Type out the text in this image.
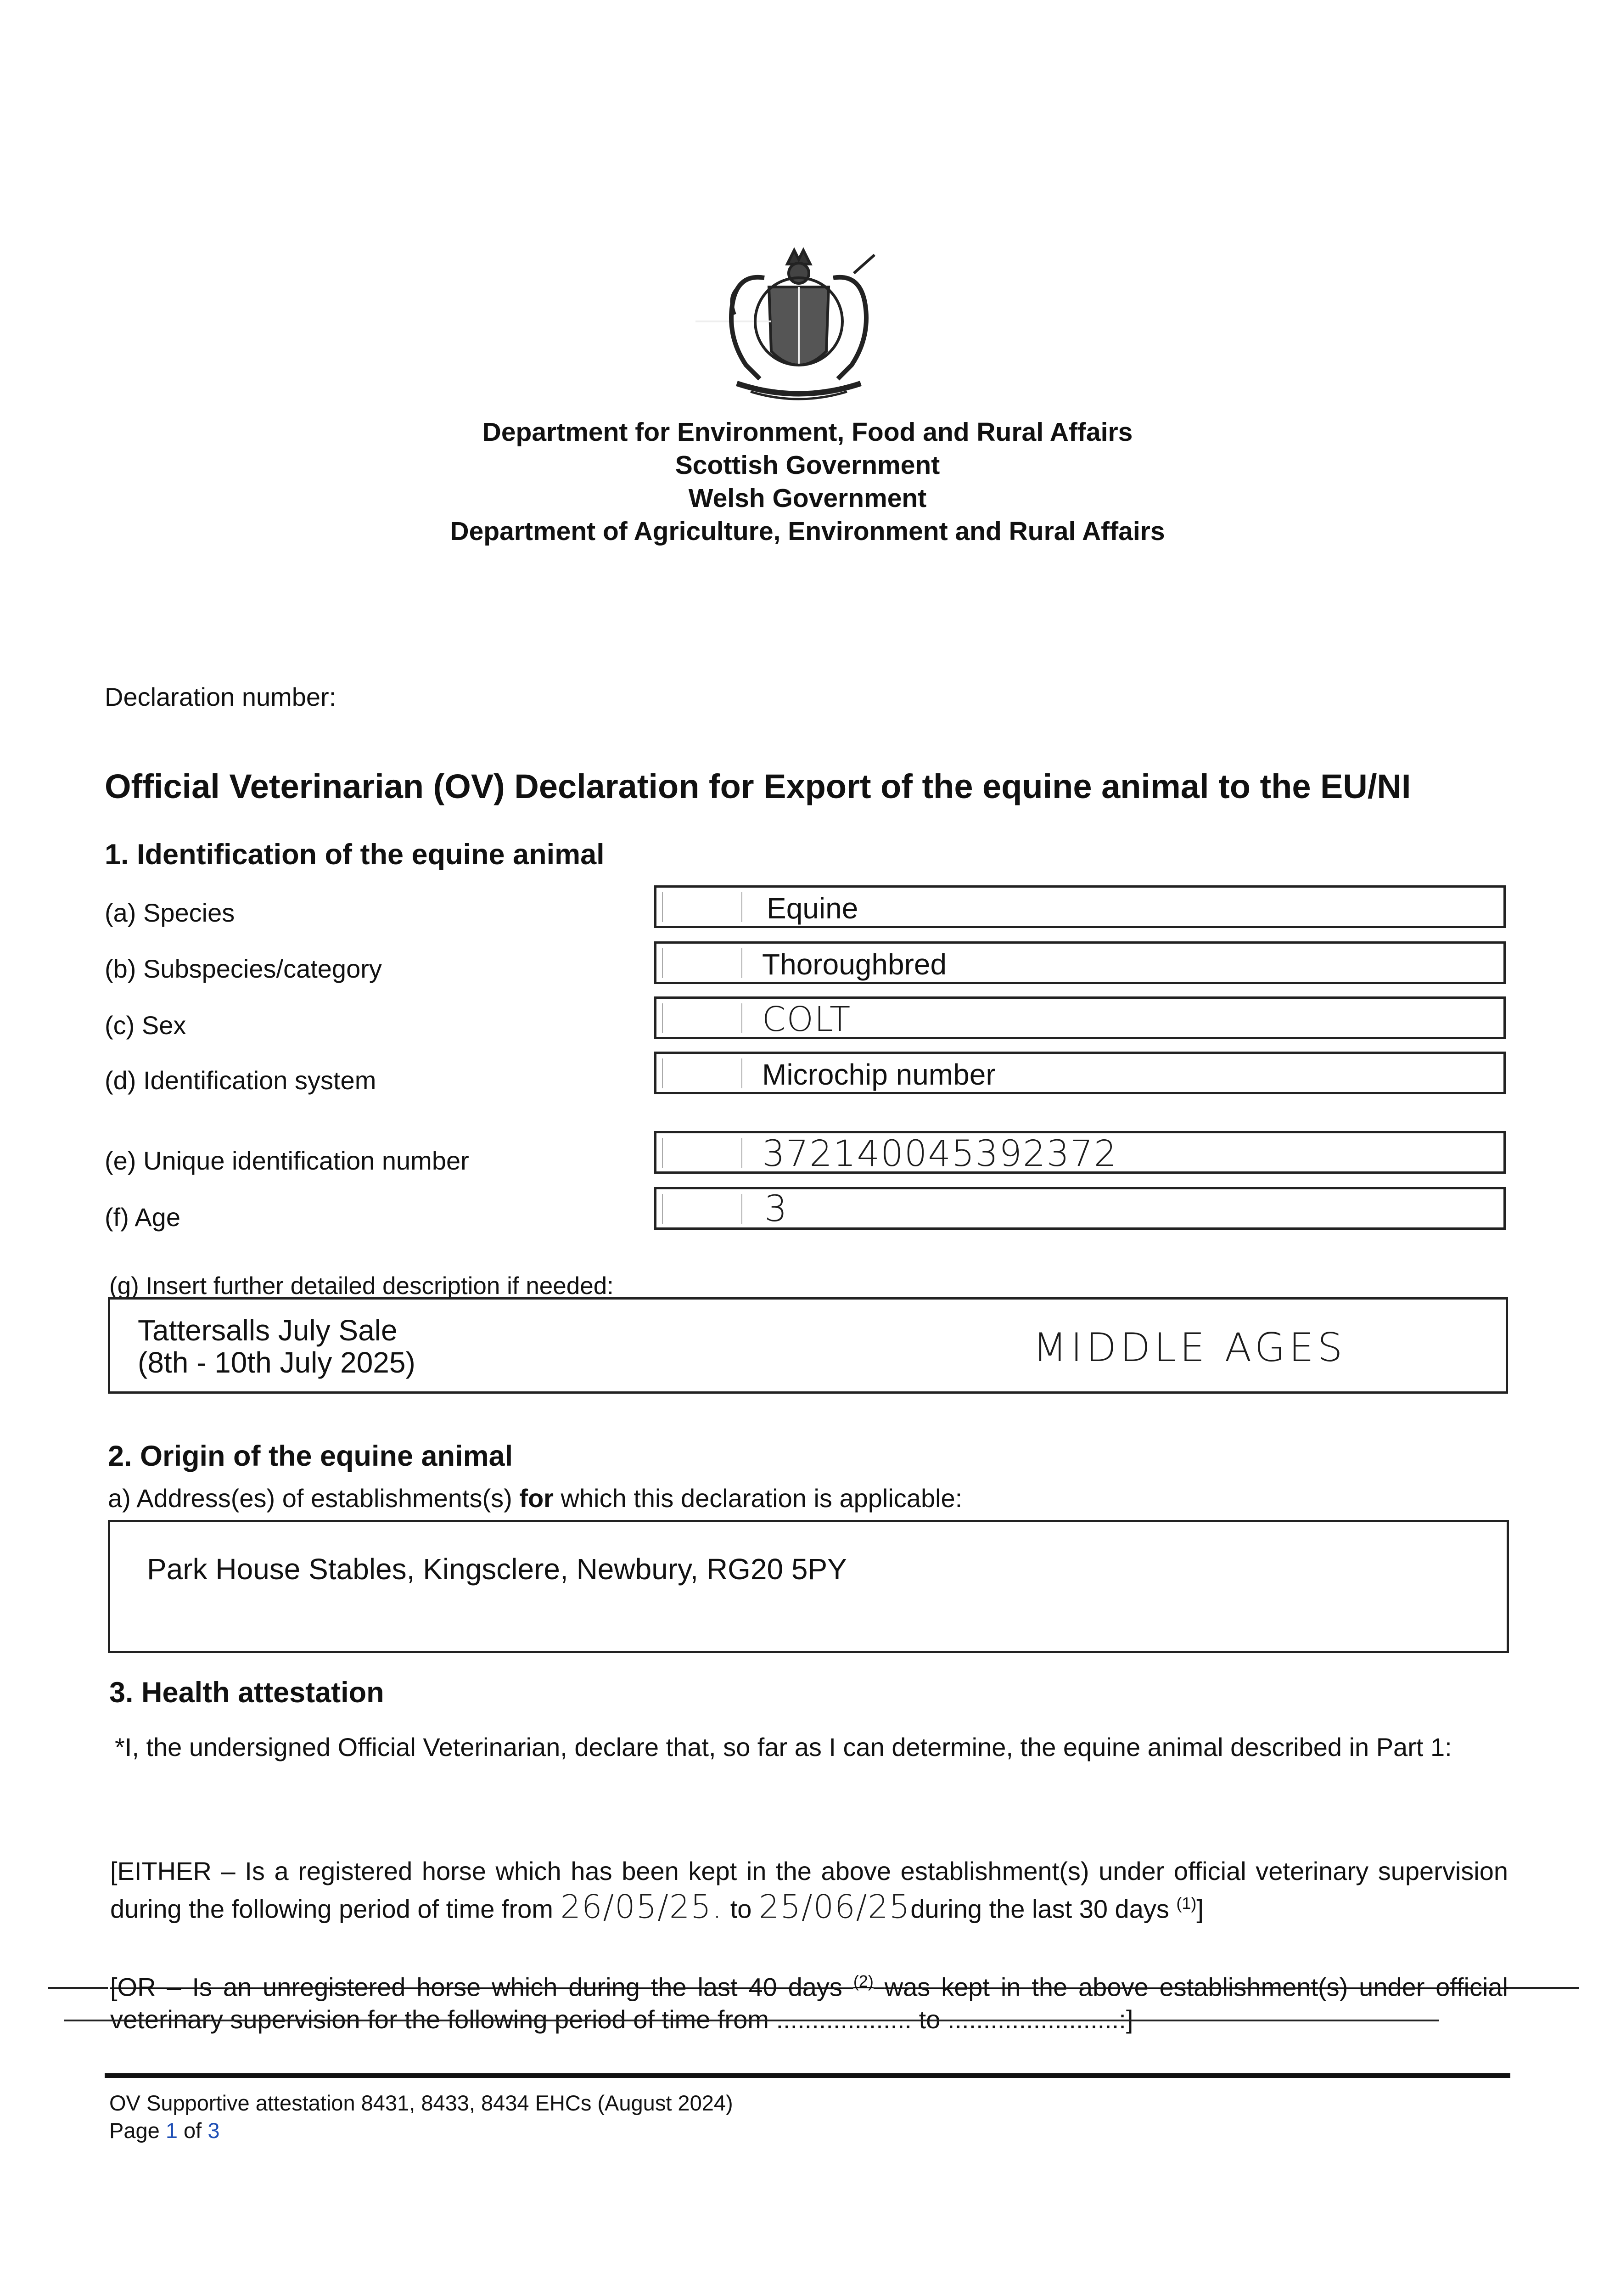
Department for Environment, Food and Rural Affairs
Scottish Government
Welsh Government
Department of Agriculture, Environment and Rural Affairs
Declaration number:
Official Veterinarian (OV) Declaration for Export of the equine animal to the EU/NI
1. Identification of the equine animal
(a) Species	Equine
(b) Subspecies/category	Thoroughbred
(c) Sex	COLT
(d) Identification system	Microchip number
(e) Unique identification number	372140045392372
(f) Age	3
(g) Insert further detailed description if needed:
Tattersalls July Sale
(8th - 10th July 2025)	MIDDLE AGES
2. Origin of the equine animal
a) Address(es) of establishments(s) for which this declaration is applicable:
Park House Stables, Kingsclere, Newbury, RG20 5PY
3. Health attestation
*I, the undersigned Official Veterinarian, declare that, so far as I can determine, the equine animal described in Part 1:
[EITHER – Is a registered horse which has been kept in the above establishment(s) under official veterinary supervision during the following period of time from 26/05/25. to 25/06/25during the last 30 days $^{(1)}$]
[OR – Is an unregistered horse which during the last 40 days $^{(2)}$ was kept in the above establishment(s) under official veterinary supervision for the following period of time from ................... to ........................:]
OV Supportive attestation 8431, 8433, 8434 EHCs (August 2024)
Page 1 of 3
